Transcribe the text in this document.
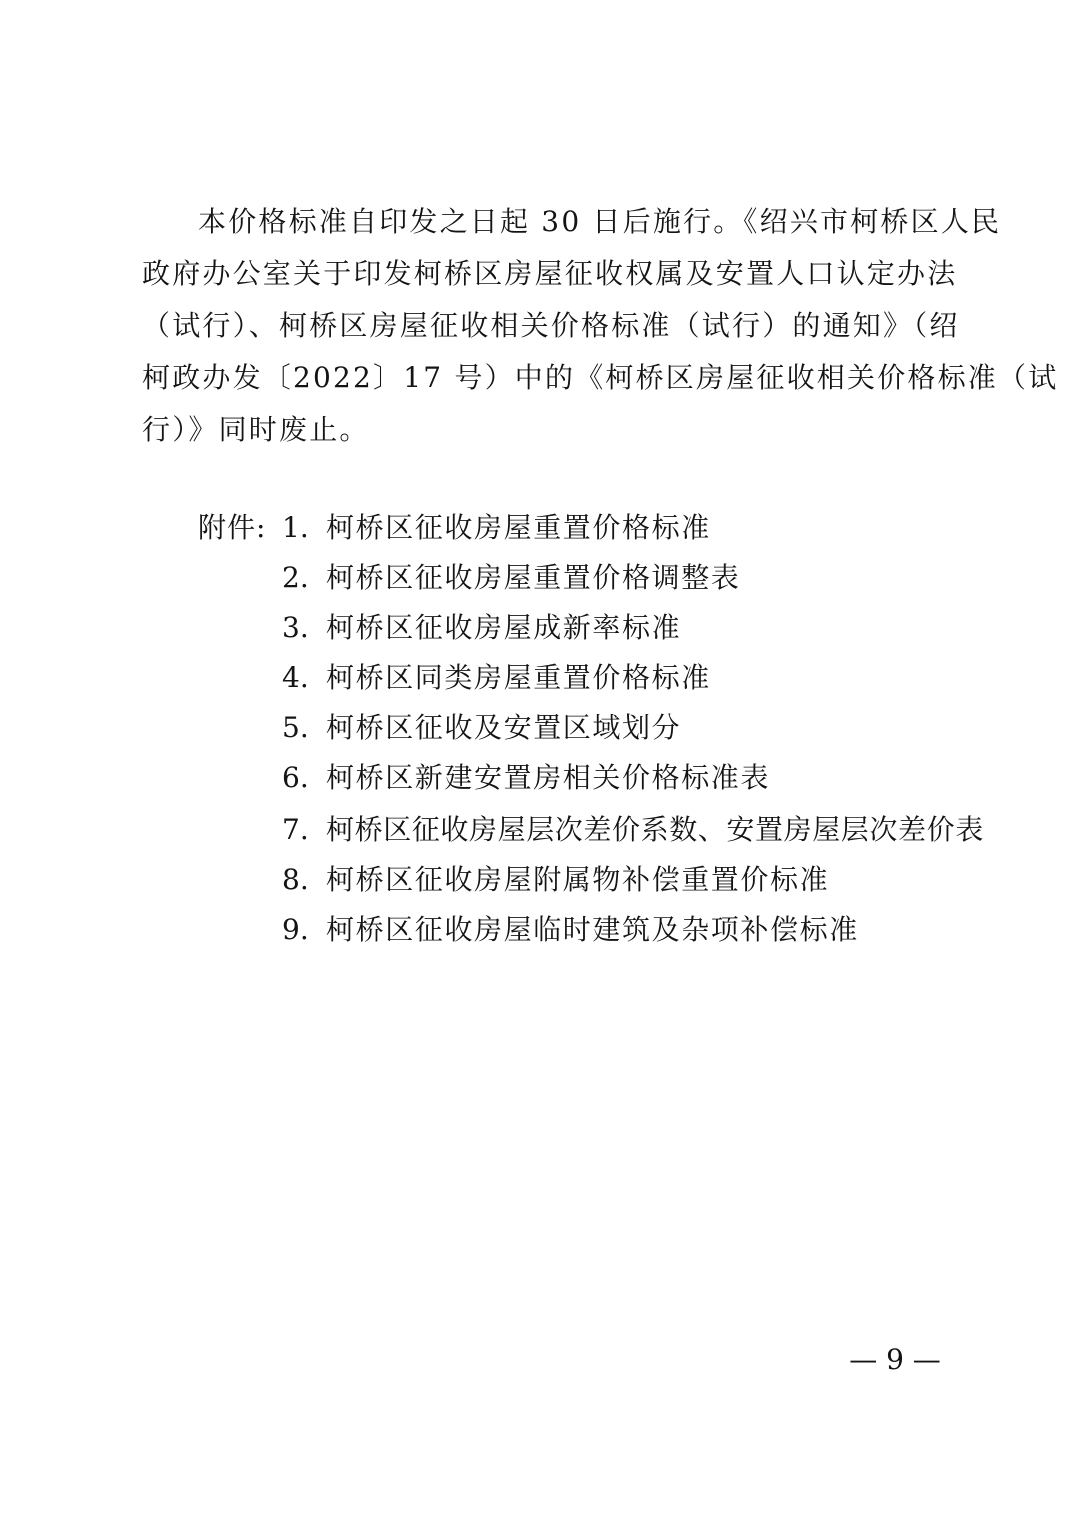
本价格标准自印发之日起 30 日后施行。《绍兴市柯桥区人民
政府办公室关于印发柯桥区房屋征收权属及安置人口认定办法
（试行）、柯桥区房屋征收相关价格标准（试行）的通知》（绍
柯政办发〔2022〕17 号）中的《柯桥区房屋征收相关价格标准（试
行）》同时废止。
附件: 1. 柯桥区征收房屋重置价格标准
2. 柯桥区征收房屋重置价格调整表
3. 柯桥区征收房屋成新率标准
4. 柯桥区同类房屋重置价格标准
5. 柯桥区征收及安置区域划分
6. 柯桥区新建安置房相关价格标准表
7. 柯桥区征收房屋层次差价系数、安置房屋层次差价表
8. 柯桥区征收房屋附属物补偿重置价标准
9. 柯桥区征收房屋临时建筑及杂项补偿标准
— 9 —
